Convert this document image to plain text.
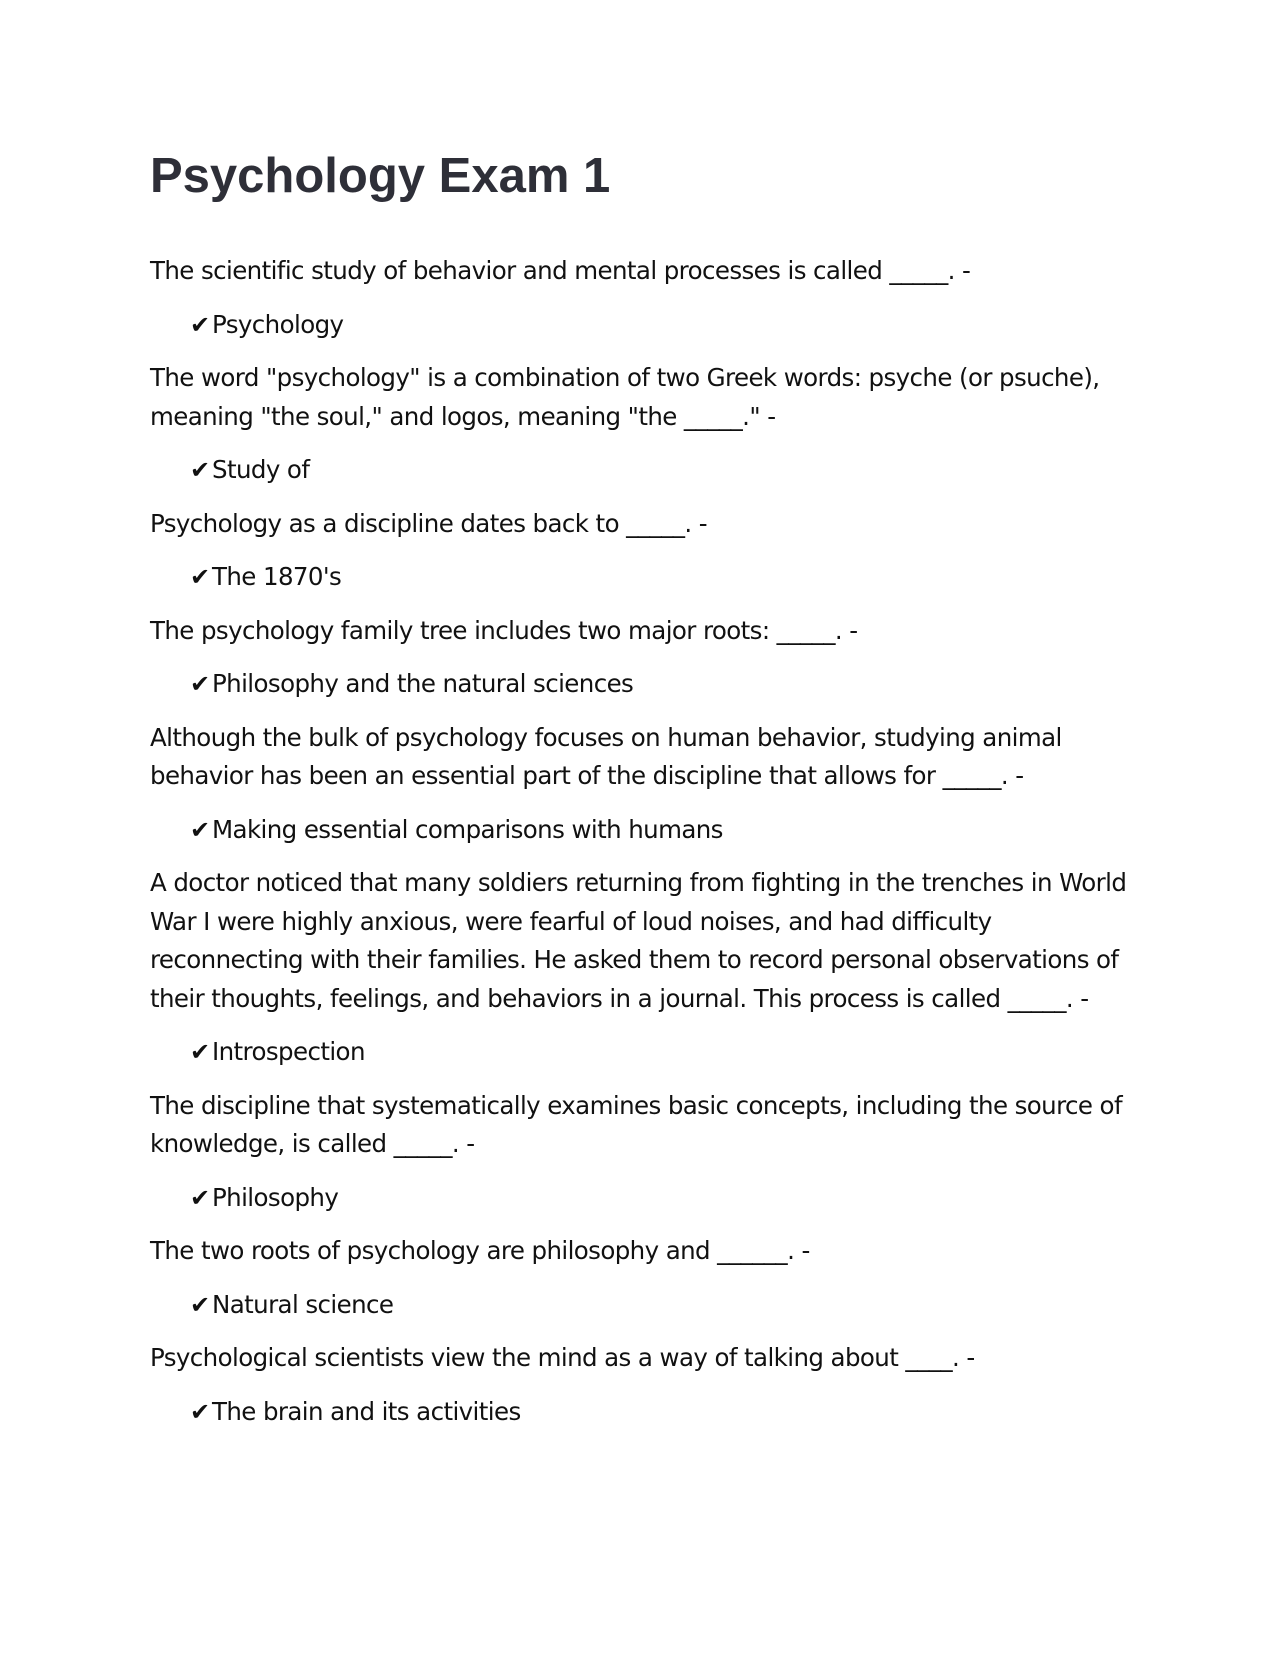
Psychology Exam 1

The scientific study of behavior and mental processes is called _____. -

✔ Psychology

The word "psychology" is a combination of two Greek words: psyche (or psuche), meaning "the soul," and logos, meaning "the _____." -

✔ Study of

Psychology as a discipline dates back to _____. -

✔ The 1870's

The psychology family tree includes two major roots: _____. -

✔ Philosophy and the natural sciences

Although the bulk of psychology focuses on human behavior, studying animal behavior has been an essential part of the discipline that allows for _____. -

✔ Making essential comparisons with humans

A doctor noticed that many soldiers returning from fighting in the trenches in World War I were highly anxious, were fearful of loud noises, and had difficulty reconnecting with their families. He asked them to record personal observations of their thoughts, feelings, and behaviors in a journal. This process is called _____. -

✔ Introspection

The discipline that systematically examines basic concepts, including the source of knowledge, is called _____. -

✔ Philosophy

The two roots of psychology are philosophy and ______. -

✔ Natural science

Psychological scientists view the mind as a way of talking about ____. -

✔ The brain and its activities
